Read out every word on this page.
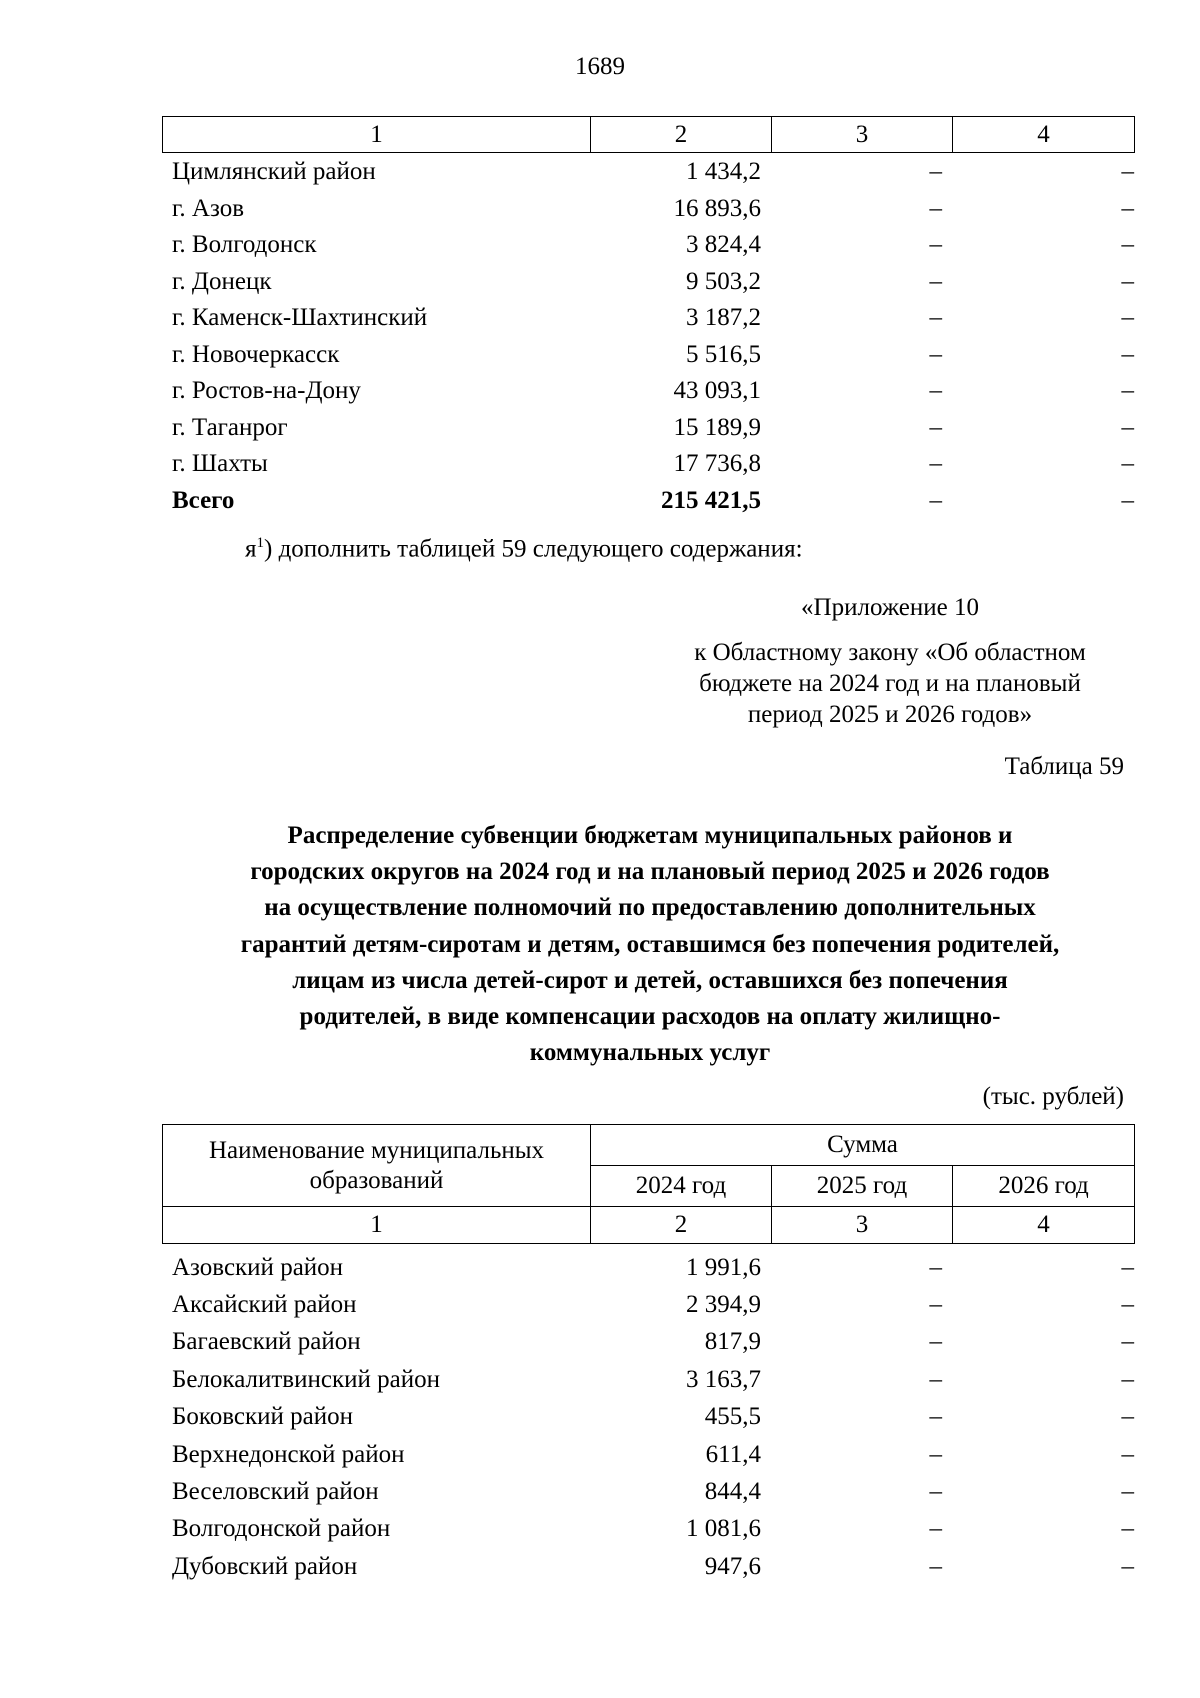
1689
1	2	3	4
Цимлянский район	1 434,2	–	–
г. Азов	16 893,6	–	–
г. Волгодонск	3 824,4	–	–
г. Донецк	9 503,2	–	–
г. Каменск-Шахтинский	3 187,2	–	–
г. Новочеркасск	5 516,5	–	–
г. Ростов-на-Дону	43 093,1	–	–
г. Таганрог	15 189,9	–	–
г. Шахты	17 736,8	–	–
Всего	215 421,5	–	–
$я^1$) дополнить таблицей 59 следующего содержания:
«Приложение 10
к Областному закону «Об областном
бюджете на 2024 год и на плановый
период 2025 и 2026 годов»
Таблица 59
Распределение субвенции бюджетам муниципальных районов и
городских округов на 2024 год и на плановый период 2025 и 2026 годов
на осуществление полномочий по предоставлению дополнительных
гарантий детям-сиротам и детям, оставшимся без попечения родителей,
лицам из числа детей-сирот и детей, оставшихся без попечения
родителей, в виде компенсации расходов на оплату жилищно-
коммунальных услуг
(тыс. рублей)
Наименование муниципальных
образований	Сумма		
	2024 год	2025 год	2026 год
1	2	3	4
Азовский район	1 991,6	–	–
Аксайский район	2 394,9	–	–
Багаевский район	817,9	–	–
Белокалитвинский район	3 163,7	–	–
Боковский район	455,5	–	–
Верхнедонской район	611,4	–	–
Веселовский район	844,4	–	–
Волгодонской район	1 081,6	–	–
Дубовский район	947,6	–	–
